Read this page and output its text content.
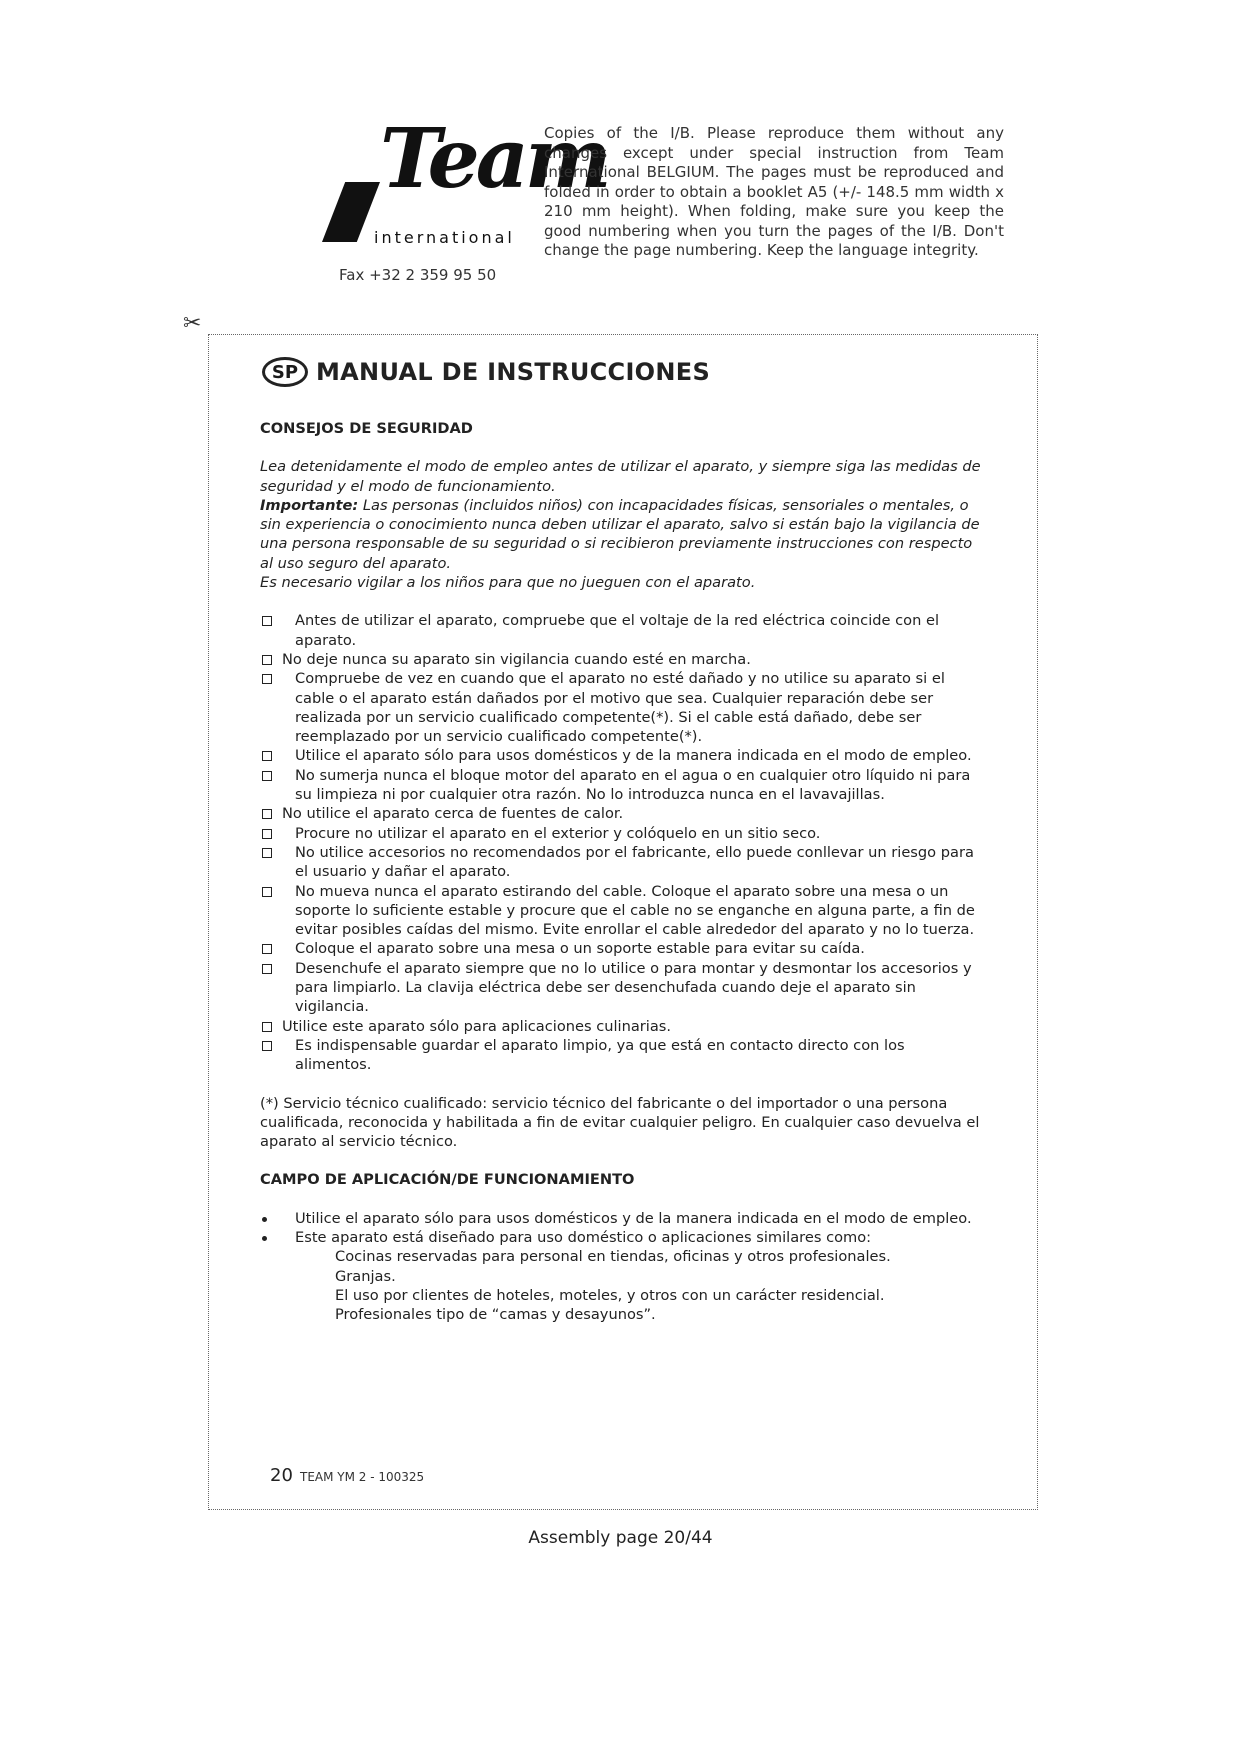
Team
international
Fax +32 2 359 95 50
Copies of the I/B. Please reproduce them without any changes except under special instruction from Team International BELGIUM. The pages must be reproduced and folded in order to obtain a booklet A5 (+/- 148.5 mm width x 210 mm height). When folding, make sure you keep the good numbering when you turn the pages of the I/B. Don't change the page numbering. Keep the language integrity.
✂
SP MANUAL DE INSTRUCCIONES
CONSEJOS DE SEGURIDAD

Lea detenidamente el modo de empleo antes de utilizar el aparato, y siempre siga las medidas de seguridad y el modo de funcionamiento.

Importante: Las personas (incluidos niños) con incapacidades físicas, sensoriales o mentales, o sin experiencia o conocimiento nunca deben utilizar el aparato, salvo si están bajo la vigilancia de una persona responsable de su seguridad o si recibieron previamente instrucciones con respecto al uso seguro del aparato.

Es necesario vigilar a los niños para que no jueguen con el aparato.

Antes de utilizar el aparato, compruebe que el voltaje de la red eléctrica coincide con el aparato.
No deje nunca su aparato sin vigilancia cuando esté en marcha.
Compruebe de vez en cuando que el aparato no esté dañado y no utilice su aparato si el cable o el aparato están dañados por el motivo que sea. Cualquier reparación debe ser realizada por un servicio cualificado competente(*). Si el cable está dañado, debe ser reemplazado por un servicio cualificado competente(*).
Utilice el aparato sólo para usos domésticos y de la manera indicada en el modo de empleo.
No sumerja nunca el bloque motor del aparato en el agua o en cualquier otro líquido ni para su limpieza ni por cualquier otra razón. No lo introduzca nunca en el lavavajillas.
No utilice el aparato cerca de fuentes de calor.
Procure no utilizar el aparato en el exterior y colóquelo en un sitio seco.
No utilice accesorios no recomendados por el fabricante, ello puede conllevar un riesgo para el usuario y dañar el aparato.
No mueva nunca el aparato estirando del cable. Coloque el aparato sobre una mesa o un soporte lo suficiente estable y procure que el cable no se enganche en alguna parte, a fin de evitar posibles caídas del mismo. Evite enrollar el cable alrededor del aparato y no lo tuerza.
Coloque el aparato sobre una mesa o un soporte estable para evitar su caída.
Desenchufe el aparato siempre que no lo utilice o para montar y desmontar los accesorios y para limpiarlo. La clavija eléctrica debe ser desenchufada cuando deje el aparato sin vigilancia.
Utilice este aparato sólo para aplicaciones culinarias.
Es indispensable guardar el aparato limpio, ya que está en contacto directo con los alimentos.
(*) Servicio técnico cualificado: servicio técnico del fabricante o del importador o una persona cualificada, reconocida y habilitada a fin de evitar cualquier peligro. En cualquier caso devuelva el aparato al servicio técnico.
CAMPO DE APLICACIÓN/DE FUNCIONAMIENTO
Utilice el aparato sólo para usos domésticos y de la manera indicada en el modo de empleo.
Este aparato está diseñado para uso doméstico o aplicaciones similares como:
Cocinas reservadas para personal en tiendas, oficinas y otros profesionales.
Granjas.
El uso por clientes de hoteles, moteles, y otros con un carácter residencial.
Profesionales tipo de “camas y desayunos”.
20 TEAM YM 2 - 100325
Assembly page 20/44
